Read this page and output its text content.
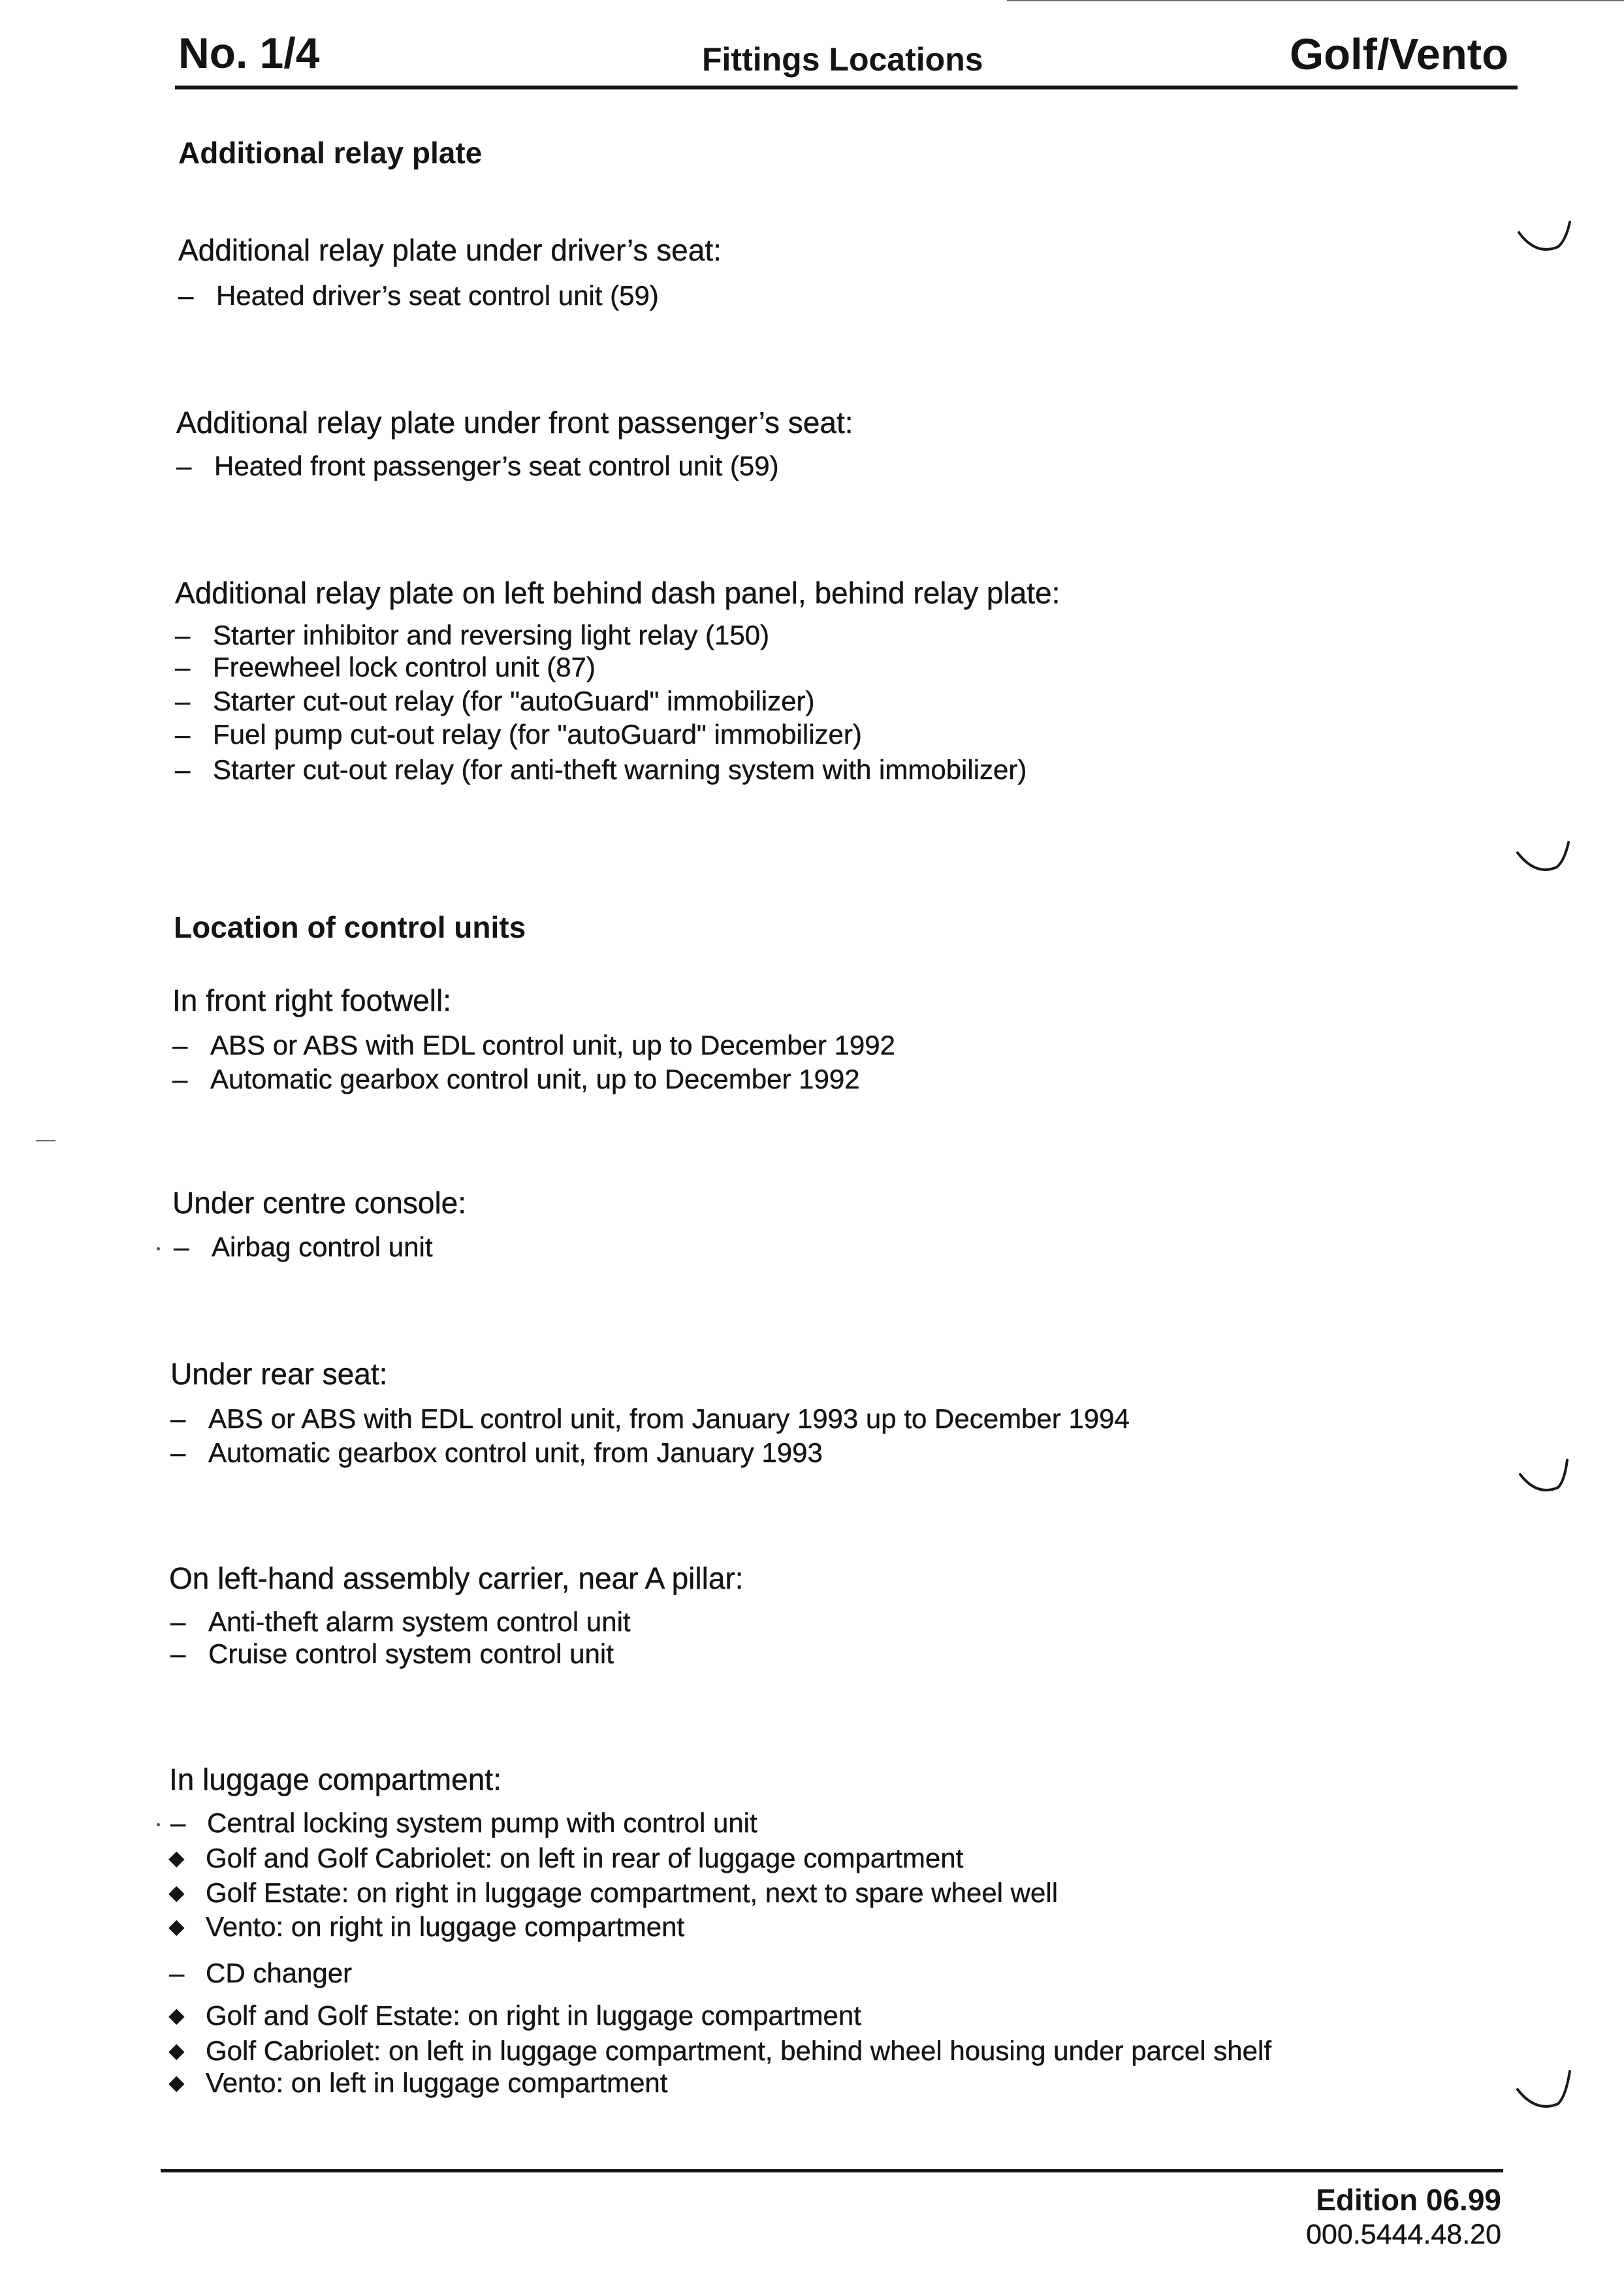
No. 1/4	Fittings Locations	Golf/Vento
Additional relay plate
Additional relay plate under driver’s seat:
– Heated driver’s seat control unit (59)
Additional relay plate under front passenger’s seat:
– Heated front passenger’s seat control unit (59)
Additional relay plate on left behind dash panel, behind relay plate:
– Starter inhibitor and reversing light relay (150)
– Freewheel lock control unit (87)
– Starter cut-out relay (for "autoGuard" immobilizer)
– Fuel pump cut-out relay (for "autoGuard" immobilizer)
– Starter cut-out relay (for anti-theft warning system with immobilizer)
Location of control units
In front right footwell:
– ABS or ABS with EDL control unit, up to December 1992
– Automatic gearbox control unit, up to December 1992
Under centre console:
– Airbag control unit
Under rear seat:
– ABS or ABS with EDL control unit, from January 1993 up to December 1994
– Automatic gearbox control unit, from January 1993
On left-hand assembly carrier, near A pillar:
– Anti-theft alarm system control unit
– Cruise control system control unit
In luggage compartment:
– Central locking system pump with control unit
◆ Golf and Golf Cabriolet: on left in rear of luggage compartment
◆ Golf Estate: on right in luggage compartment, next to spare wheel well
◆ Vento: on right in luggage compartment
– CD changer
◆ Golf and Golf Estate: on right in luggage compartment
◆ Golf Cabriolet: on left in luggage compartment, behind wheel housing under parcel shelf
◆ Vento: on left in luggage compartment
Edition 06.99
000.5444.48.20
